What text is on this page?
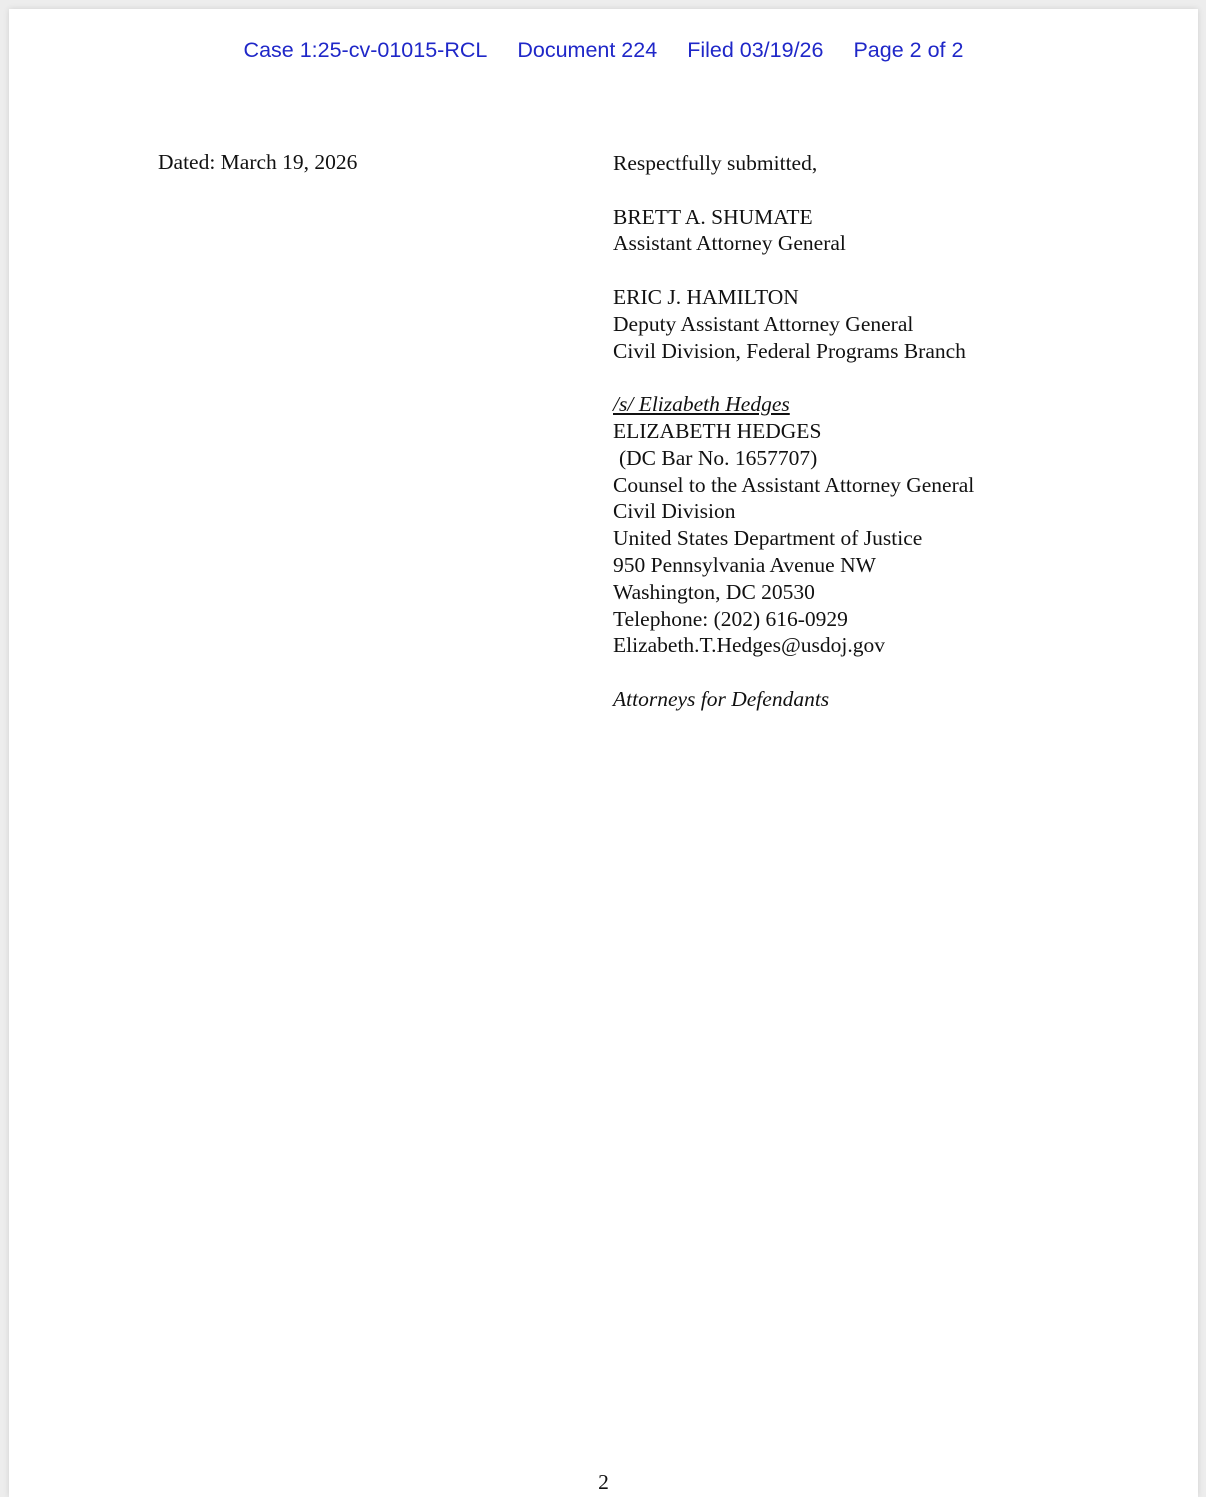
Case 1:25-cv-01015-RCL Document 224 Filed 03/19/26 Page 2 of 2
Dated: March 19, 2026	Respectfully submitted,
BRETT A. SHUMATE
Assistant Attorney General
ERIC J. HAMILTON
Deputy Assistant Attorney General
Civil Division, Federal Programs Branch
/s/ Elizabeth Hedges
ELIZABETH HEDGES
(DC Bar No. 1657707)
Counsel to the Assistant Attorney General
Civil Division
United States Department of Justice
950 Pennsylvania Avenue NW
Washington, DC 20530
Telephone: (202) 616-0929
Elizabeth.T.Hedges@usdoj.gov
Attorneys for Defendants
2
